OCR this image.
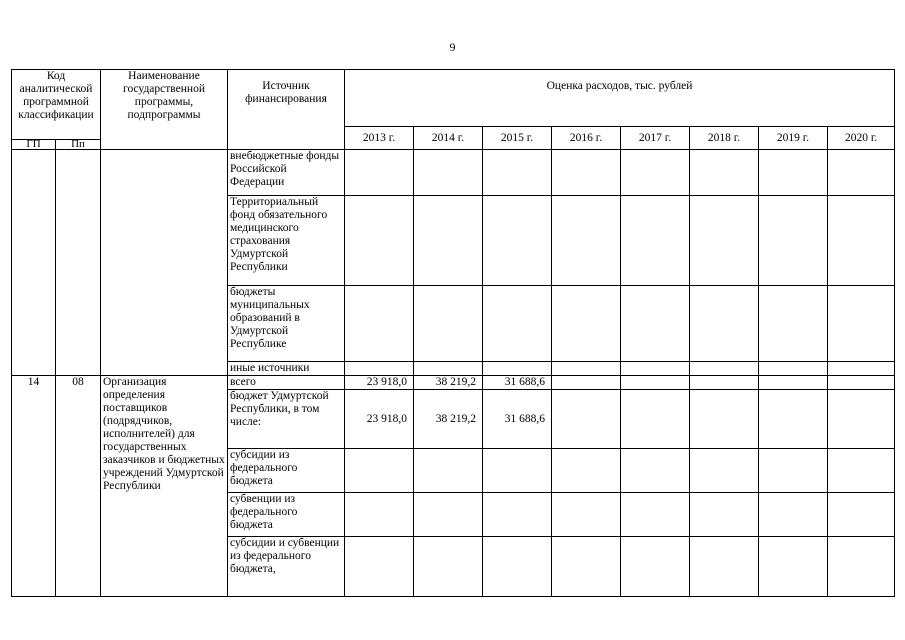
9
Код аналитической программной классификации		Наименование государственной программы, подпрограммы	Источник финансирования	Оценка расходов, тыс. рублей							
				2013 г.	2014 г.	2015 г.	2016 г.	2017 г.	2018 г.	2019 г.	2020 г.
ГП	Пп										
			внебюджетные фонды Российской Федерации								
			Территориальный фонд обязательного медицинского страхования Удмуртской Республики								
			бюджеты муниципальных образований в Удмуртской Республике								
			иные источники								
14	08	Организация определения поставщиков (подрядчиков, исполнителей) для государственных заказчиков и бюджетных учреждений Удмуртской Республики	всего	23 918,0	38 219,2	31 688,6					
			бюджет Удмуртской Республики, в том числе:	23 918,0	38 219,2	31 688,6					
			субсидии из федерального бюджета								
			субвенции из федерального бюджета								
			субсидии и субвенции из федерального бюджета,								
